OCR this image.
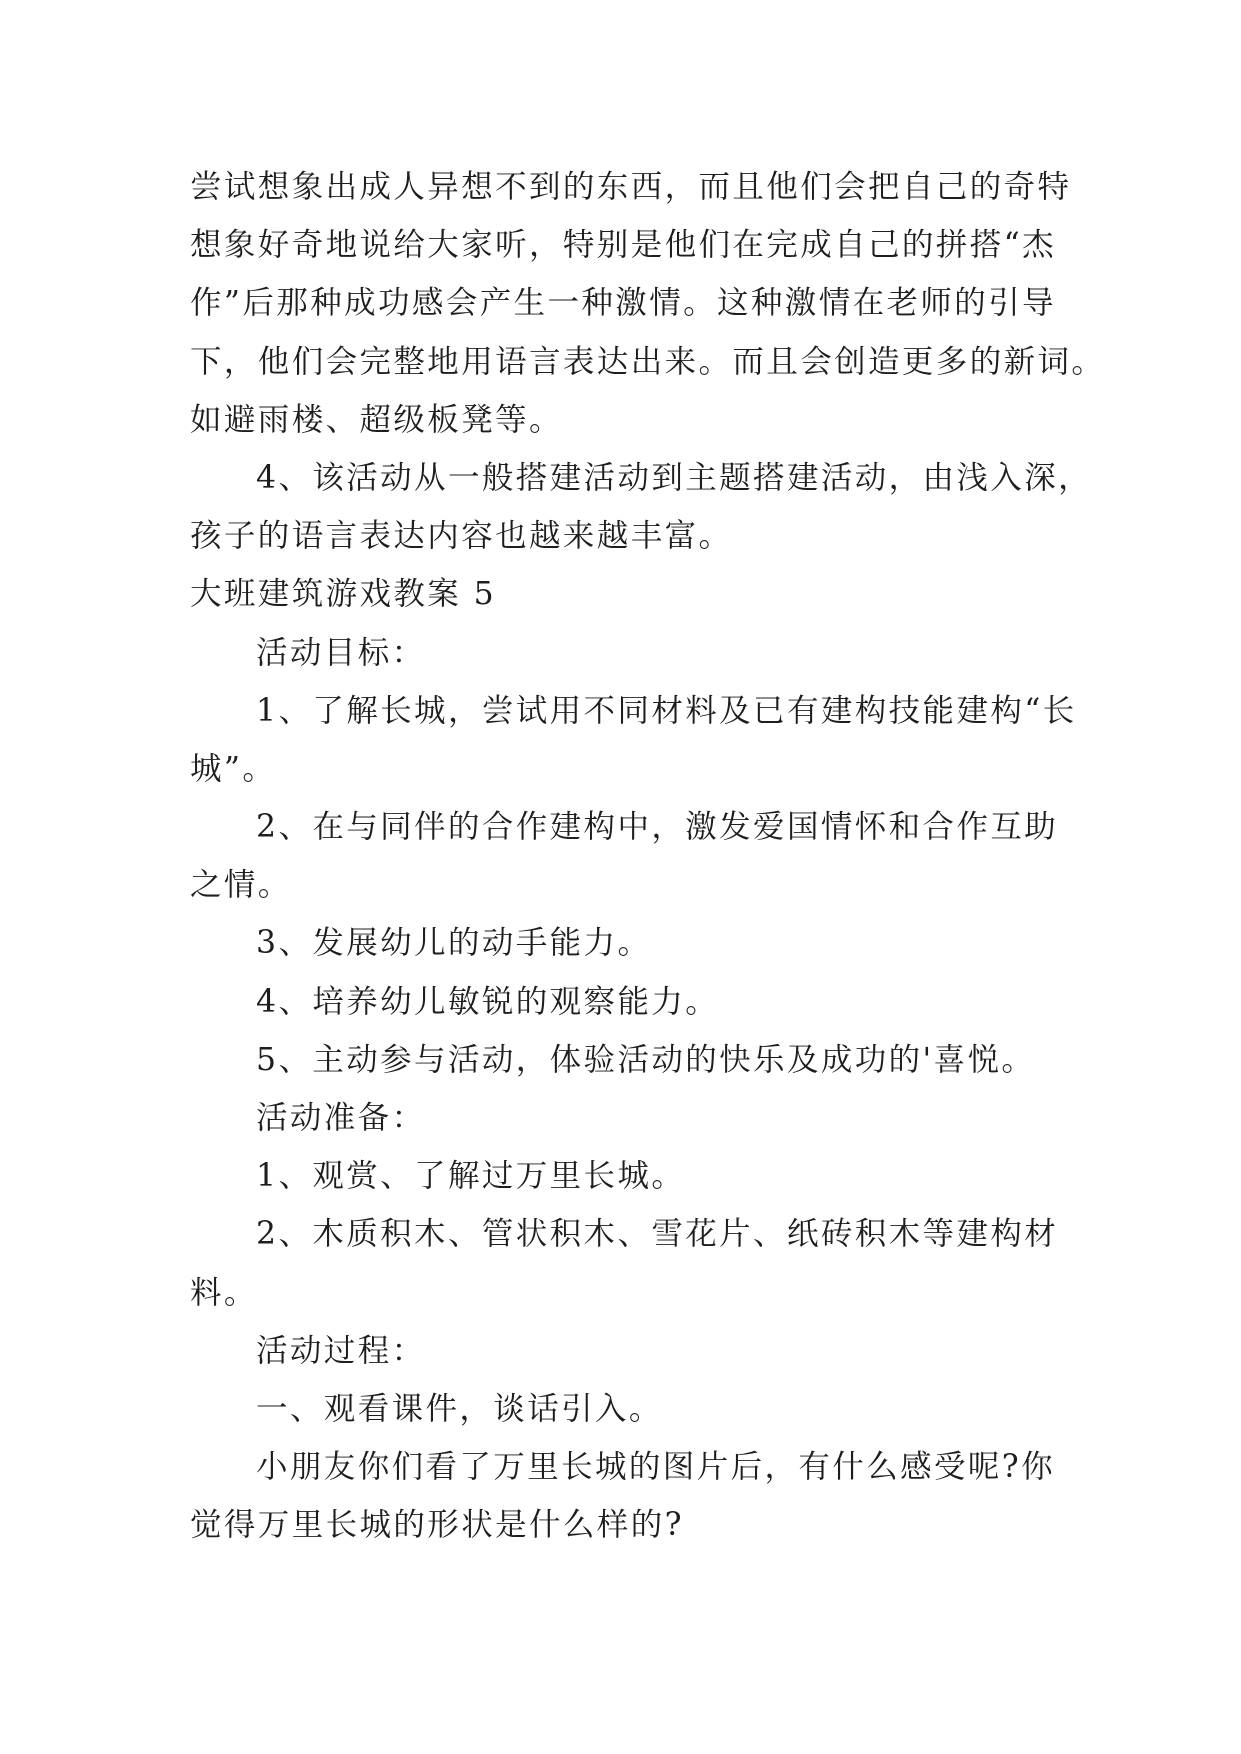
尝试想象出成人异想不到的东西，而且他们会把自己的奇特
想象好奇地说给大家听，特别是他们在完成自己的拼搭“杰
作”后那种成功感会产生一种激情。这种激情在老师的引导
下，他们会完整地用语言表达出来。而且会创造更多的新词。
如避雨楼、超级板凳等。
4、该活动从一般搭建活动到主题搭建活动，由浅入深，
孩子的语言表达内容也越来越丰富。
大班建筑游戏教案 5
活动目标：
1、了解长城，尝试用不同材料及已有建构技能建构“长
城”。
2、在与同伴的合作建构中，激发爱国情怀和合作互助
之情。
3、发展幼儿的动手能力。
4、培养幼儿敏锐的观察能力。
5、主动参与活动，体验活动的快乐及成功的'喜悦。
活动准备：
1、观赏、了解过万里长城。
2、木质积木、管状积木、雪花片、纸砖积木等建构材
料。
活动过程：
一、观看课件，谈话引入。
小朋友你们看了万里长城的图片后，有什么感受呢?你
觉得万里长城的形状是什么样的?
